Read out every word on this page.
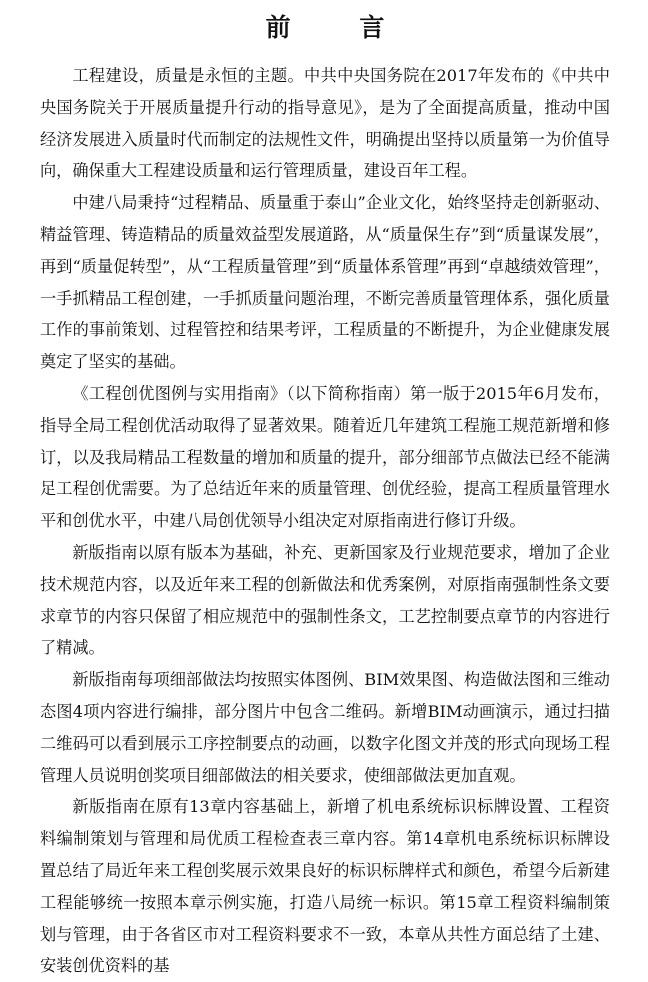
前 言

工程建设，质量是永恒的主题。中共中央国务院在2017年发布的《中共中央国务院关于开展质量提升行动的指导意见》，是为了全面提高质量，推动中国经济发展进入质量时代而制定的法规性文件，明确提出坚持以质量第一为价值导向，确保重大工程建设质量和运行管理质量，建设百年工程。

中建八局秉持“过程精品、质量重于泰山”企业文化，始终坚持走创新驱动、精益管理、铸造精品的质量效益型发展道路，从“质量保生存”到“质量谋发展”，再到“质量促转型”，从“工程质量管理”到“质量体系管理”再到“卓越绩效管理”，一手抓精品工程创建，一手抓质量问题治理，不断完善质量管理体系，强化质量工作的事前策划、过程管控和结果考评，工程质量的不断提升，为企业健康发展奠定了坚实的基础。

《工程创优图例与实用指南》（以下简称指南）第一版于2015年6月发布，指导全局工程创优活动取得了显著效果。随着近几年建筑工程施工规范新增和修订，以及我局精品工程数量的增加和质量的提升，部分细部节点做法已经不能满足工程创优需要。为了总结近年来的质量管理、创优经验，提高工程质量管理水平和创优水平，中建八局创优领导小组决定对原指南进行修订升级。

新版指南以原有版本为基础，补充、更新国家及行业规范要求，增加了企业技术规范内容，以及近年来工程的创新做法和优秀案例，对原指南强制性条文要求章节的内容只保留了相应规范中的强制性条文，工艺控制要点章节的内容进行了精减。

新版指南每项细部做法均按照实体图例、BIM效果图、构造做法图和三维动态图4项内容进行编排，部分图片中包含二维码。新增BIM动画演示，通过扫描二维码可以看到展示工序控制要点的动画，以数字化图文并茂的形式向现场工程管理人员说明创奖项目细部做法的相关要求，使细部做法更加直观。

新版指南在原有13章内容基础上，新增了机电系统标识标牌设置、工程资料编制策划与管理和局优质工程检查表三章内容。第14章机电系统标识标牌设置总结了局近年来工程创奖展示效果良好的标识标牌样式和颜色，希望今后新建工程能够统一按照本章示例实施，打造八局统一标识。第15章工程资料编制策划与管理，由于各省区市对工程资料要求不一致，本章从共性方面总结了土建、安装创优资料的基
